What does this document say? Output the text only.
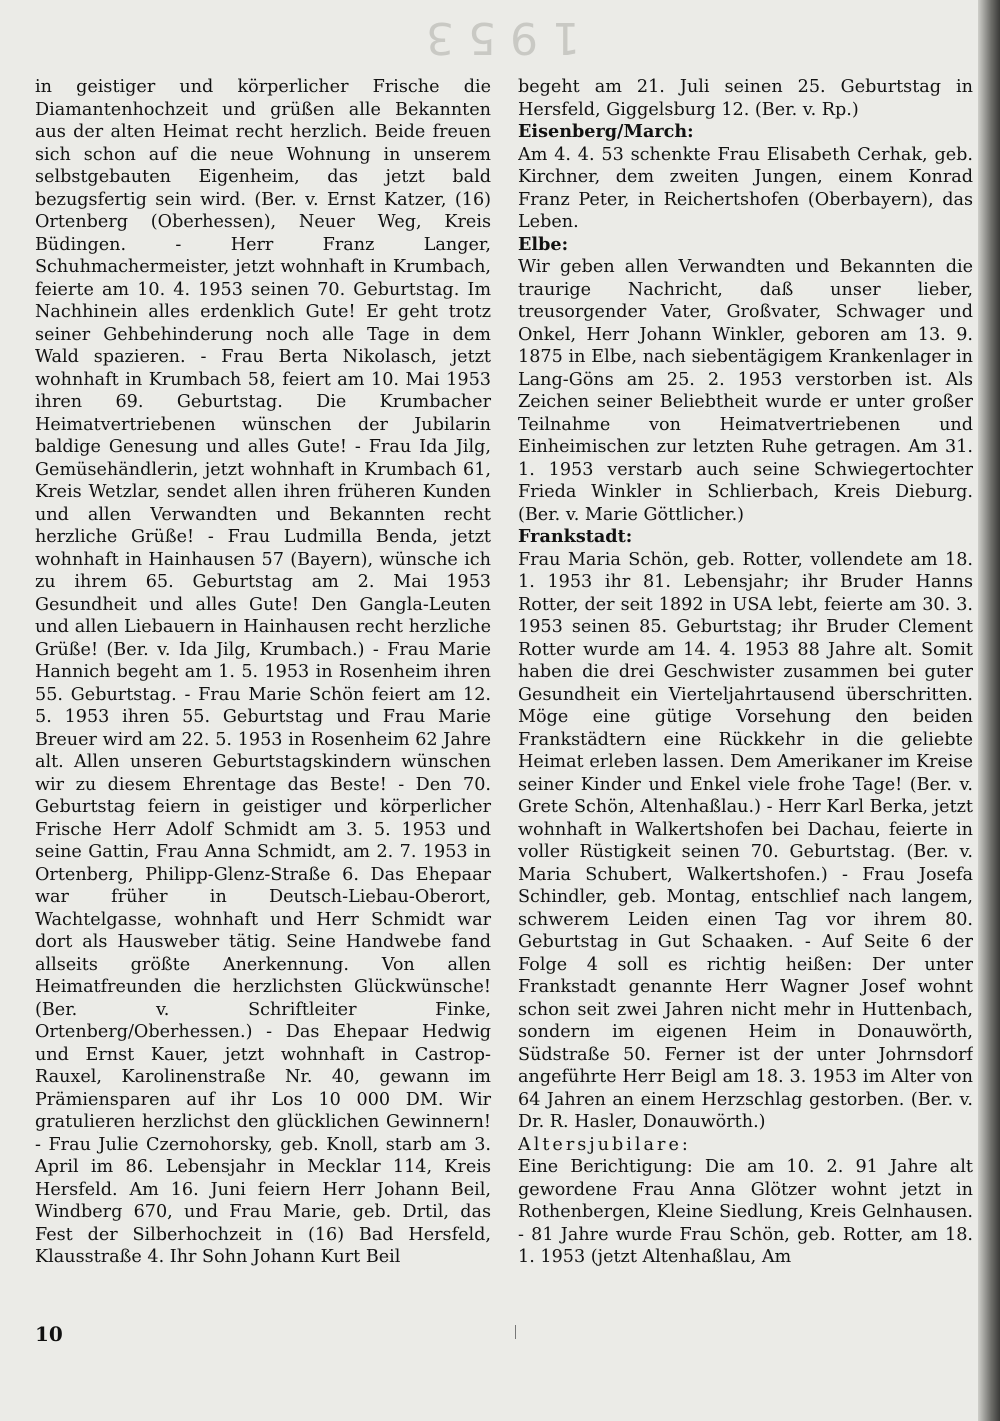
1953

in geistiger und körperlicher Frische die Diamantenhochzeit und grüßen alle Bekannten aus der alten Heimat recht herzlich. Beide freuen sich schon auf die neue Wohnung in unserem selbstgebauten Eigenheim, das jetzt bald bezugsfertig sein wird. (Ber. v. Ernst Katzer, (16) Ortenberg (Oberhessen), Neuer Weg, Kreis Büdingen. - Herr Franz Langer, Schuhmachermeister, jetzt wohnhaft in Krumbach, feierte am 10. 4. 1953 seinen 70. Geburtstag. Im Nachhinein alles erdenklich Gute! Er geht trotz seiner Gehbehinderung noch alle Tage in dem Wald spazieren. - Frau Berta Nikolasch, jetzt wohnhaft in Krumbach 58, feiert am 10. Mai 1953 ihren 69. Geburtstag. Die Krumbacher Heimatvertriebenen wünschen der Jubilarin baldige Genesung und alles Gute! - Frau Ida Jilg, Gemüsehändlerin, jetzt wohnhaft in Krumbach 61, Kreis Wetzlar, sendet allen ihren früheren Kunden und allen Verwandten und Bekannten recht herzliche Grüße! - Frau Ludmilla Benda, jetzt wohnhaft in Hainhausen 57 (Bayern), wünsche ich zu ihrem 65. Geburtstag am 2. Mai 1953 Gesundheit und alles Gute! Den Gangla-Leuten und allen Liebauern in Hainhausen recht herzliche Grüße! (Ber. v. Ida Jilg, Krumbach.) - Frau Marie Hannich begeht am 1. 5. 1953 in Rosenheim ihren 55. Geburtstag. - Frau Marie Schön feiert am 12. 5. 1953 ihren 55. Geburtstag und Frau Marie Breuer wird am 22. 5. 1953 in Rosenheim 62 Jahre alt. Allen unseren Geburtstagskindern wünschen wir zu diesem Ehrentage das Beste! - Den 70. Geburtstag feiern in geistiger und körperlicher Frische Herr Adolf Schmidt am 3. 5. 1953 und seine Gattin, Frau Anna Schmidt, am 2. 7. 1953 in Ortenberg, Philipp-Glenz-Straße 6. Das Ehepaar war früher in Deutsch-Liebau-Oberort, Wachtelgasse, wohnhaft und Herr Schmidt war dort als Hausweber tätig. Seine Handwebe fand allseits größte Anerkennung. Von allen Heimatfreunden die herzlichsten Glückwünsche! (Ber. v. Schriftleiter Finke, Ortenberg/Oberhessen.) - Das Ehepaar Hedwig und Ernst Kauer, jetzt wohnhaft in Castrop-Rauxel, Karolinenstraße Nr. 40, gewann im Prämiensparen auf ihr Los 10 000 DM. Wir gratulieren herzlichst den glücklichen Gewinnern! - Frau Julie Czernohorsky, geb. Knoll, starb am 3. April im 86. Lebensjahr in Mecklar 114, Kreis Hersfeld. Am 16. Juni feiern Herr Johann Beil, Windberg 670, und Frau Marie, geb. Drtil, das Fest der Silberhochzeit in (16) Bad Hersfeld, Klausstraße 4. Ihr Sohn Johann Kurt Beil

begeht am 21. Juli seinen 25. Geburtstag in Hersfeld, Giggelsburg 12. (Ber. v. Rp.)

Eisenberg/March:

Am 4. 4. 53 schenkte Frau Elisabeth Cerhak, geb. Kirchner, dem zweiten Jungen, einem Konrad Franz Peter, in Reichertshofen (Oberbayern), das Leben.

Elbe:

Wir geben allen Verwandten und Bekannten die traurige Nachricht, daß unser lieber, treusorgender Vater, Großvater, Schwager und Onkel, Herr Johann Winkler, geboren am 13. 9. 1875 in Elbe, nach siebentägigem Krankenlager in Lang-Göns am 25. 2. 1953 verstorben ist. Als Zeichen seiner Beliebtheit wurde er unter großer Teilnahme von Heimatvertriebenen und Einheimischen zur letzten Ruhe getragen. Am 31. 1. 1953 verstarb auch seine Schwiegertochter Frieda Winkler in Schlierbach, Kreis Dieburg. (Ber. v. Marie Göttlicher.)

Frankstadt:

Frau Maria Schön, geb. Rotter, vollendete am 18. 1. 1953 ihr 81. Lebensjahr; ihr Bruder Hanns Rotter, der seit 1892 in USA lebt, feierte am 30. 3. 1953 seinen 85. Geburtstag; ihr Bruder Clement Rotter wurde am 14. 4. 1953 88 Jahre alt. Somit haben die drei Geschwister zusammen bei guter Gesundheit ein Vierteljahrtausend überschritten. Möge eine gütige Vorsehung den beiden Frankstädtern eine Rückkehr in die geliebte Heimat erleben lassen. Dem Amerikaner im Kreise seiner Kinder und Enkel viele frohe Tage! (Ber. v. Grete Schön, Altenhaßlau.) - Herr Karl Berka, jetzt wohnhaft in Walkertshofen bei Dachau, feierte in voller Rüstigkeit seinen 70. Geburtstag. (Ber. v. Maria Schubert, Walkertshofen.) - Frau Josefa Schindler, geb. Montag, entschlief nach langem, schwerem Leiden einen Tag vor ihrem 80. Geburtstag in Gut Schaaken. - Auf Seite 6 der Folge 4 soll es richtig heißen: Der unter Frankstadt genannte Herr Wagner Josef wohnt schon seit zwei Jahren nicht mehr in Huttenbach, sondern im eigenen Heim in Donauwörth, Südstraße 50. Ferner ist der unter Johrnsdorf angeführte Herr Beigl am 18. 3. 1953 im Alter von 64 Jahren an einem Herzschlag gestorben. (Ber. v. Dr. R. Hasler, Donauwörth.)

Altersjubilare:

Eine Berichtigung: Die am 10. 2. 91 Jahre alt gewordene Frau Anna Glötzer wohnt jetzt in Rothenbergen, Kleine Siedlung, Kreis Gelnhausen. - 81 Jahre wurde Frau Schön, geb. Rotter, am 18. 1. 1953 (jetzt Altenhaßlau, Am

10
